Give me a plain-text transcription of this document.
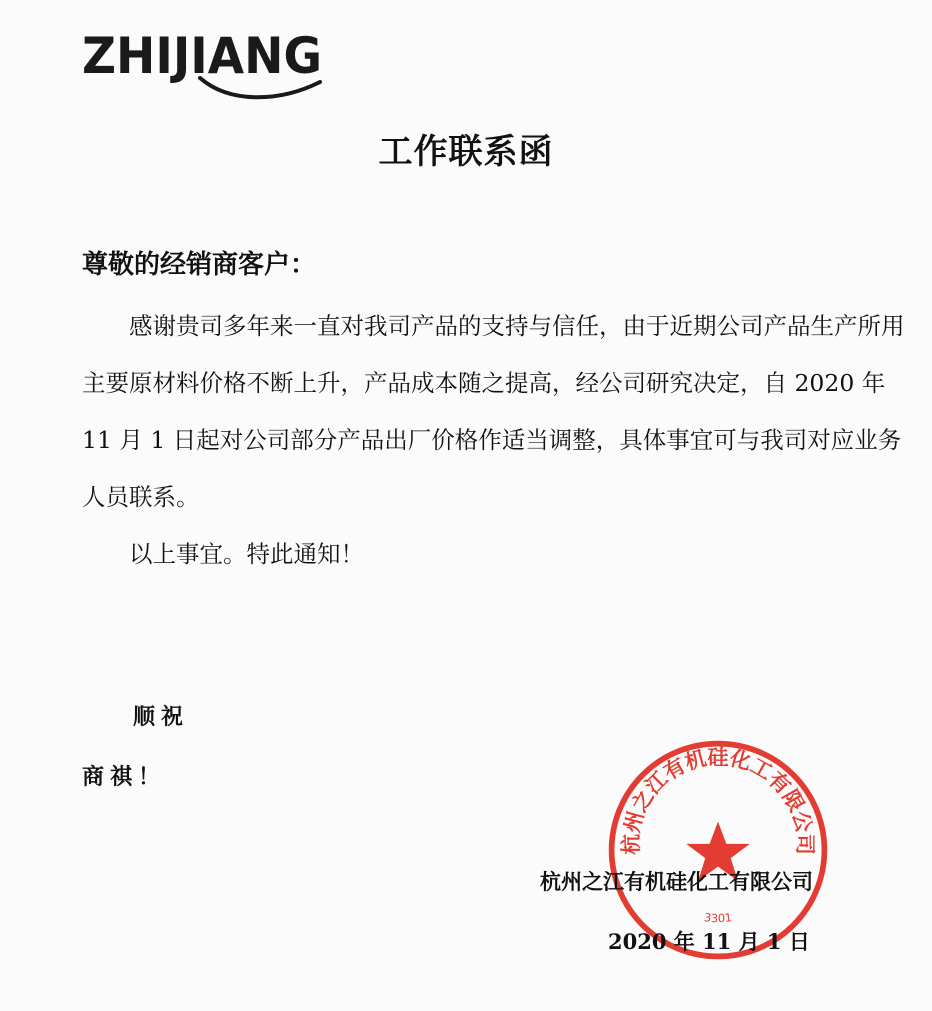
ZHIJIANG
工作联系函
尊敬的经销商客户：

感谢贵司多年来一直对我司产品的支持与信任，由于近期公司产品生产所用主要原材料价格不断上升，产品成本随之提高，经公司研究决定，自 2020 年 11 月 1 日起对公司部分产品出厂价格作适当调整，具体事宜可与我司对应业务人员联系。

以上事宜。特此通知！

顺祝
商祺！
杭州之江有机硅化工有限公司
3301
杭州之江有机硅化工有限公司
2020 年 11 月 1 日
